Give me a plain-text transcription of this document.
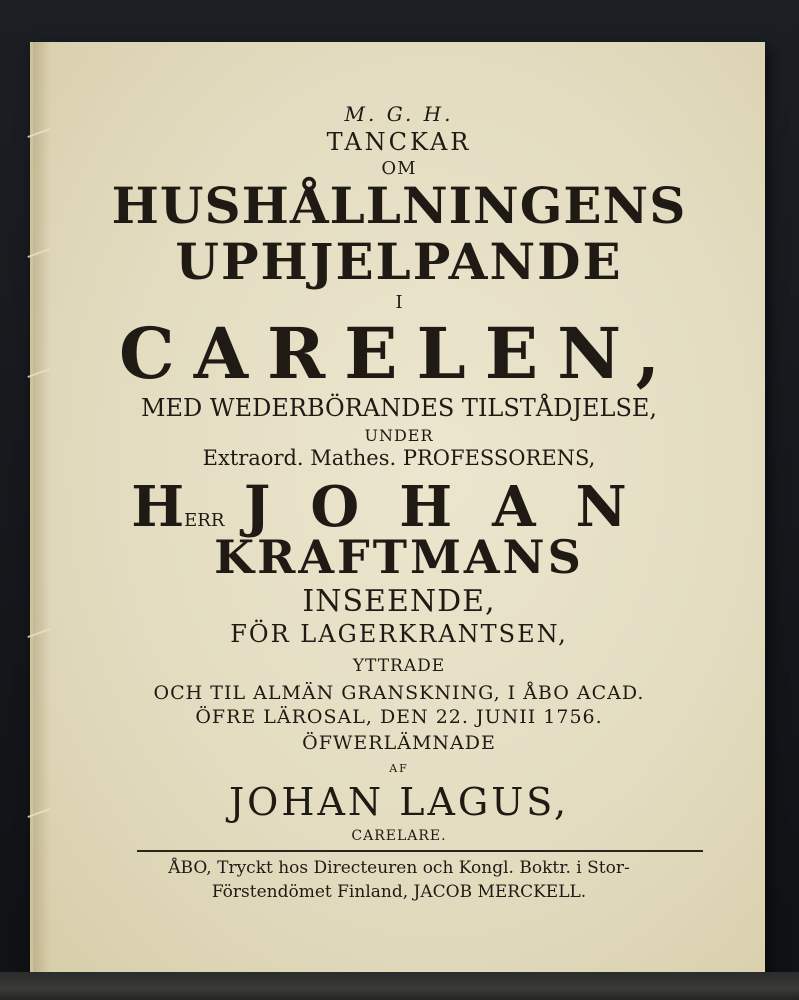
M. G. H.
TANCKAR
OM
HUSHÅLLNINGENS
UPHJELPANDE
I
CARELEN,
MED WEDERBÖRANDES TILSTÅDJELSE,
UNDER
Extraord. Mathes. PROFESSORENS,
HERR JOHAN
KRAFTMANS
INSEENDE,
FÖR LAGERKRANTSEN,
YTTRADE
OCH TIL ALMÄN GRANSKNING, I ÅBO ACAD.
ÖFRE LÄROSAL, DEN 22. JUNII 1756.
ÖFWERLÄMNADE
AF
JOHAN LAGUS,
CARELARE.
ÅBO, Tryckt hos Directeuren och Kongl. Boktr. i Stor-Förstendömet Finland, JACOB MERCKELL.
